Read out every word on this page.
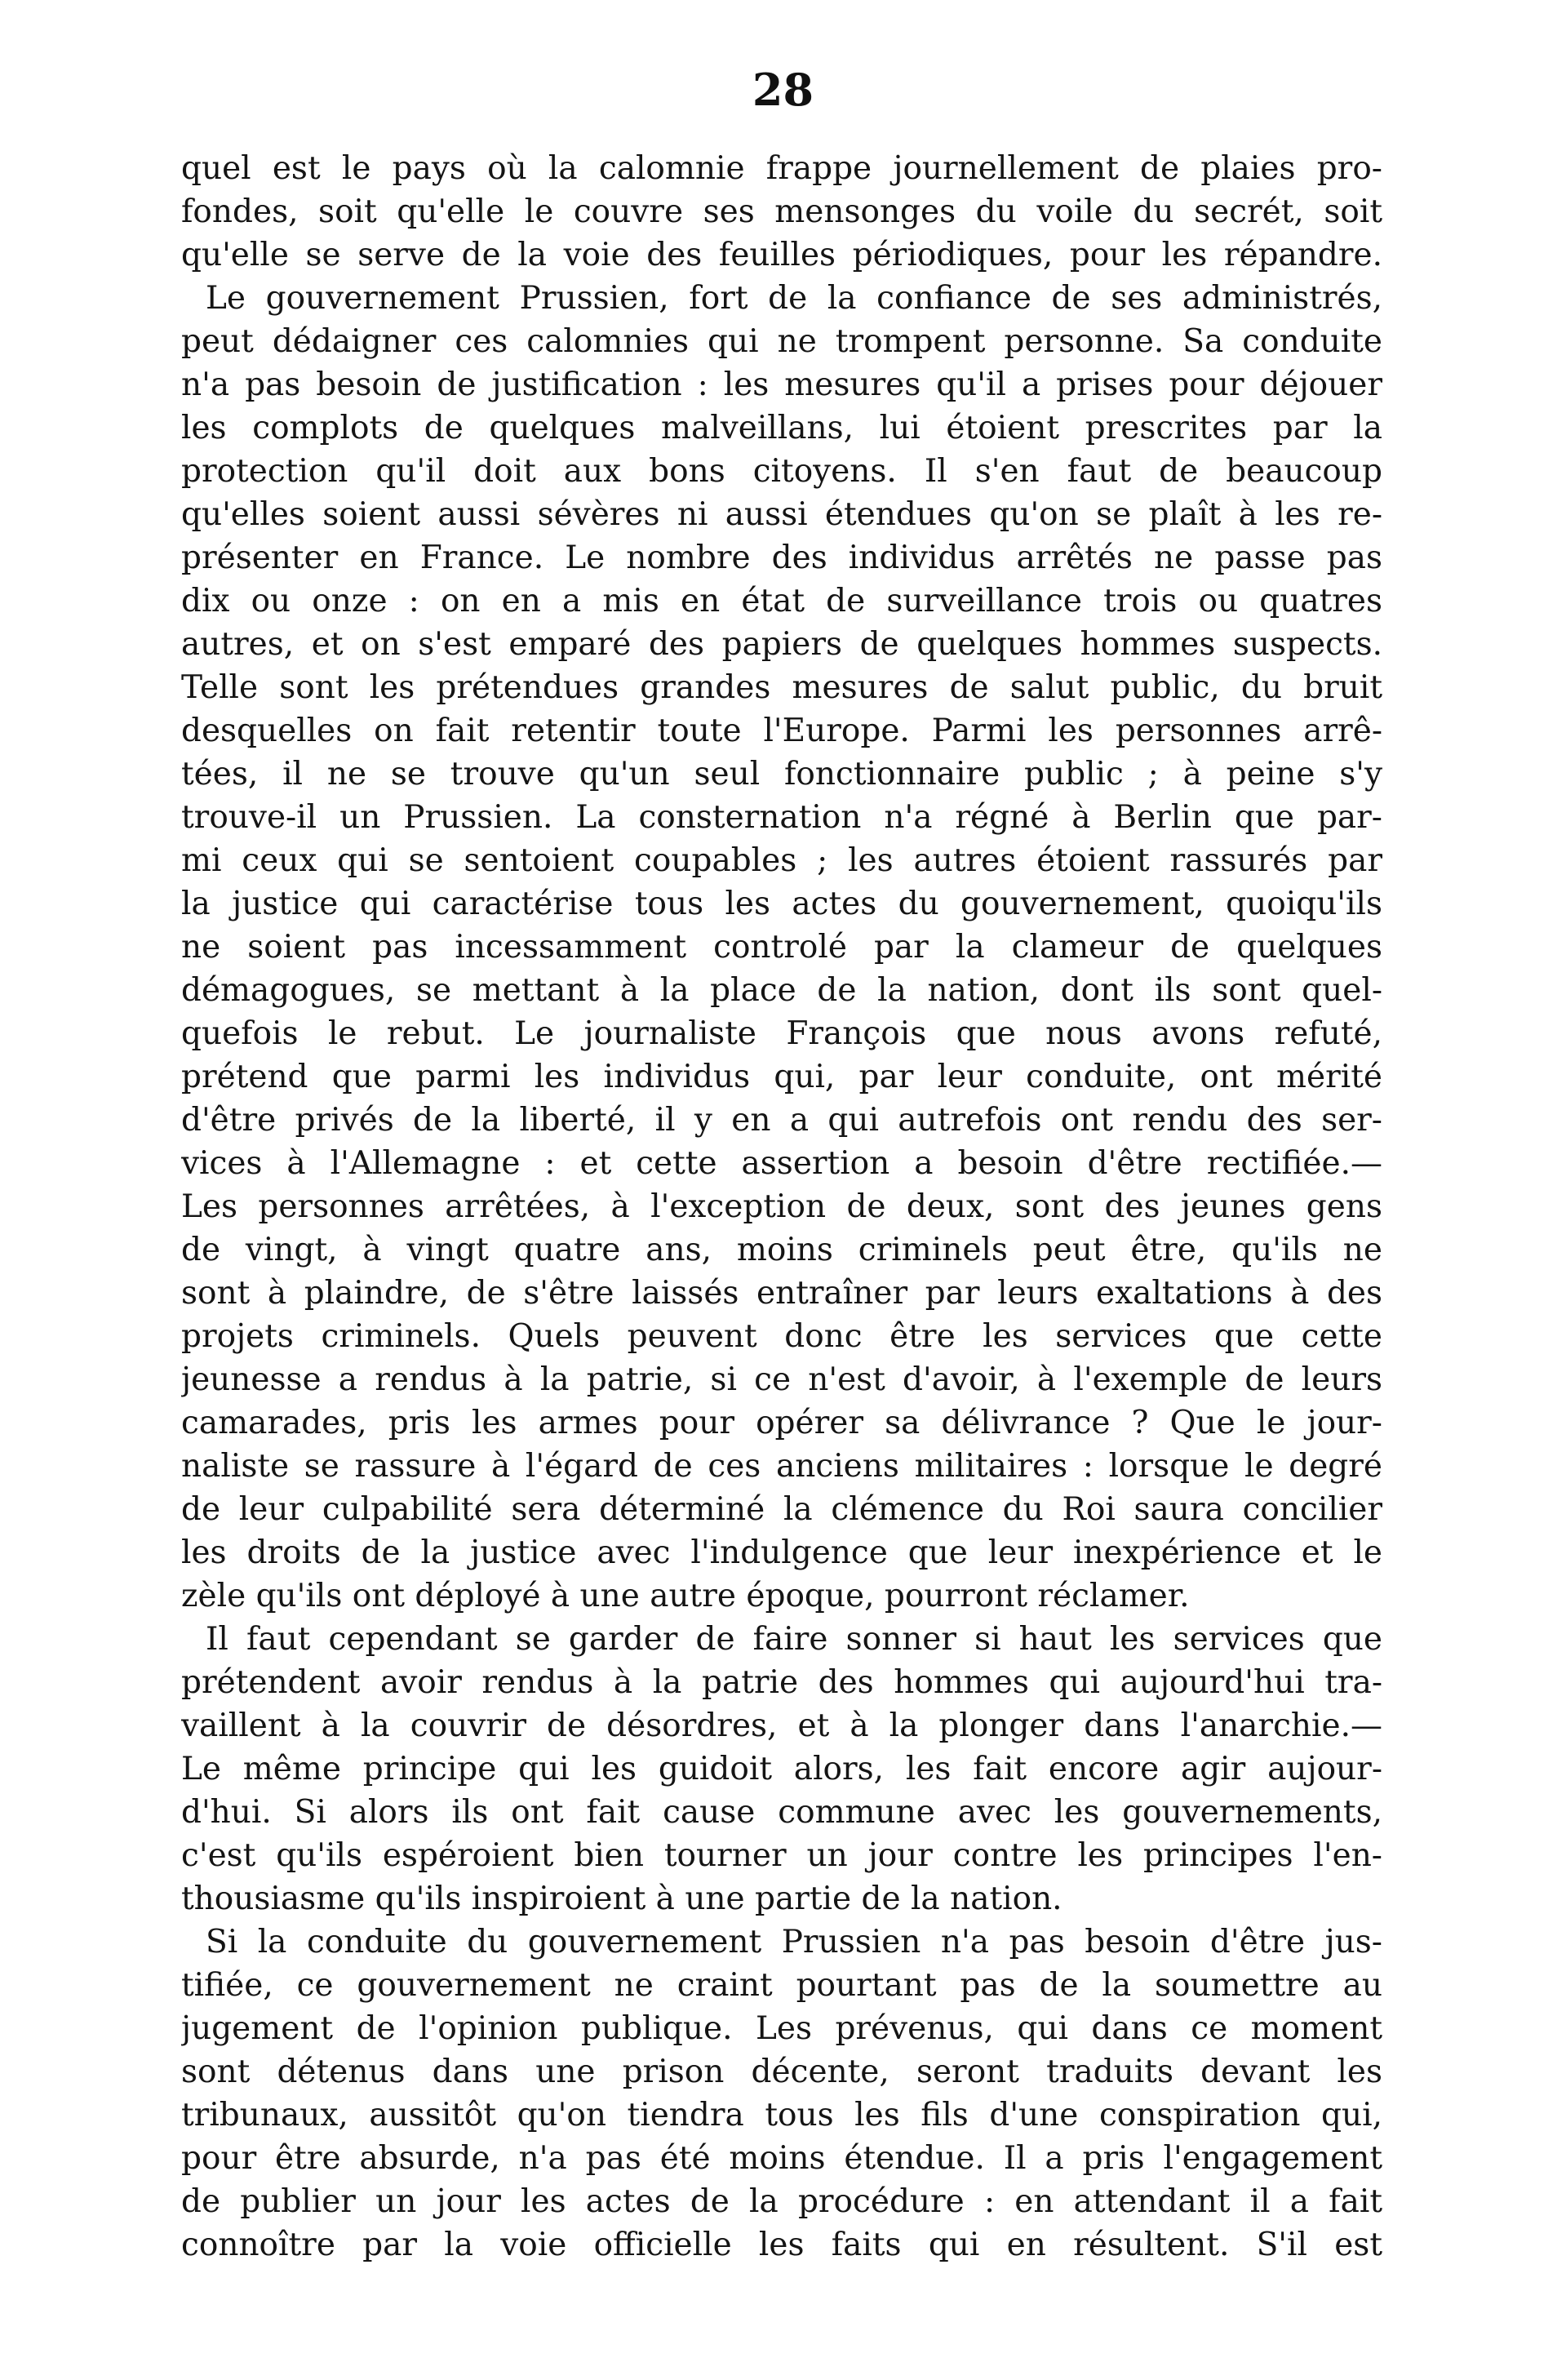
28
quel est le pays où la calomnie frappe journellement de plaies pro-
fondes, soit qu'elle le couvre ses mensonges du voile du secrét, soit
qu'elle se serve de la voie des feuilles périodiques, pour les répandre.
Le gouvernement Prussien, fort de la confiance de ses administrés,
peut dédaigner ces calomnies qui ne trompent personne. Sa conduite
n'a pas besoin de justification : les mesures qu'il a prises pour déjouer
les complots de quelques malveillans, lui étoient prescrites par la
protection qu'il doit aux bons citoyens. Il s'en faut de beaucoup
qu'elles soient aussi sévères ni aussi étendues qu'on se plaît à les re-
présenter en France. Le nombre des individus arrêtés ne passe pas
dix ou onze : on en a mis en état de surveillance trois ou quatres
autres, et on s'est emparé des papiers de quelques hommes suspects.
Telle sont les prétendues grandes mesures de salut public, du bruit
desquelles on fait retentir toute l'Europe. Parmi les personnes arrê-
tées, il ne se trouve qu'un seul fonctionnaire public ; à peine s'y
trouve-il un Prussien. La consternation n'a régné à Berlin que par-
mi ceux qui se sentoient coupables ; les autres étoient rassurés par
la justice qui caractérise tous les actes du gouvernement, quoiqu'ils
ne soient pas incessamment controlé par la clameur de quelques
démagogues, se mettant à la place de la nation, dont ils sont quel-
quefois le rebut. Le journaliste François que nous avons refuté,
prétend que parmi les individus qui, par leur conduite, ont mérité
d'être privés de la liberté, il y en a qui autrefois ont rendu des ser-
vices à l'Allemagne : et cette assertion a besoin d'être rectifiée.—
Les personnes arrêtées, à l'exception de deux, sont des jeunes gens
de vingt, à vingt quatre ans, moins criminels peut être, qu'ils ne
sont à plaindre, de s'être laissés entraîner par leurs exaltations à des
projets criminels. Quels peuvent donc être les services que cette
jeunesse a rendus à la patrie, si ce n'est d'avoir, à l'exemple de leurs
camarades, pris les armes pour opérer sa délivrance ? Que le jour-
naliste se rassure à l'égard de ces anciens militaires : lorsque le degré
de leur culpabilité sera déterminé la clémence du Roi saura concilier
les droits de la justice avec l'indulgence que leur inexpérience et le
zèle qu'ils ont déployé à une autre époque, pourront réclamer.
Il faut cependant se garder de faire sonner si haut les services que
prétendent avoir rendus à la patrie des hommes qui aujourd'hui tra-
vaillent à la couvrir de désordres, et à la plonger dans l'anarchie.—
Le même principe qui les guidoit alors, les fait encore agir aujour-
d'hui. Si alors ils ont fait cause commune avec les gouvernements,
c'est qu'ils espéroient bien tourner un jour contre les principes l'en-
thousiasme qu'ils inspiroient à une partie de la nation.
Si la conduite du gouvernement Prussien n'a pas besoin d'être jus-
tifiée, ce gouvernement ne craint pourtant pas de la soumettre au
jugement de l'opinion publique. Les prévenus, qui dans ce moment
sont détenus dans une prison décente, seront traduits devant les
tribunaux, aussitôt qu'on tiendra tous les fils d'une conspiration qui,
pour être absurde, n'a pas été moins étendue. Il a pris l'engagement
de publier un jour les actes de la procédure : en attendant il a fait
connoître par la voie officielle les faits qui en résultent. S'il est
